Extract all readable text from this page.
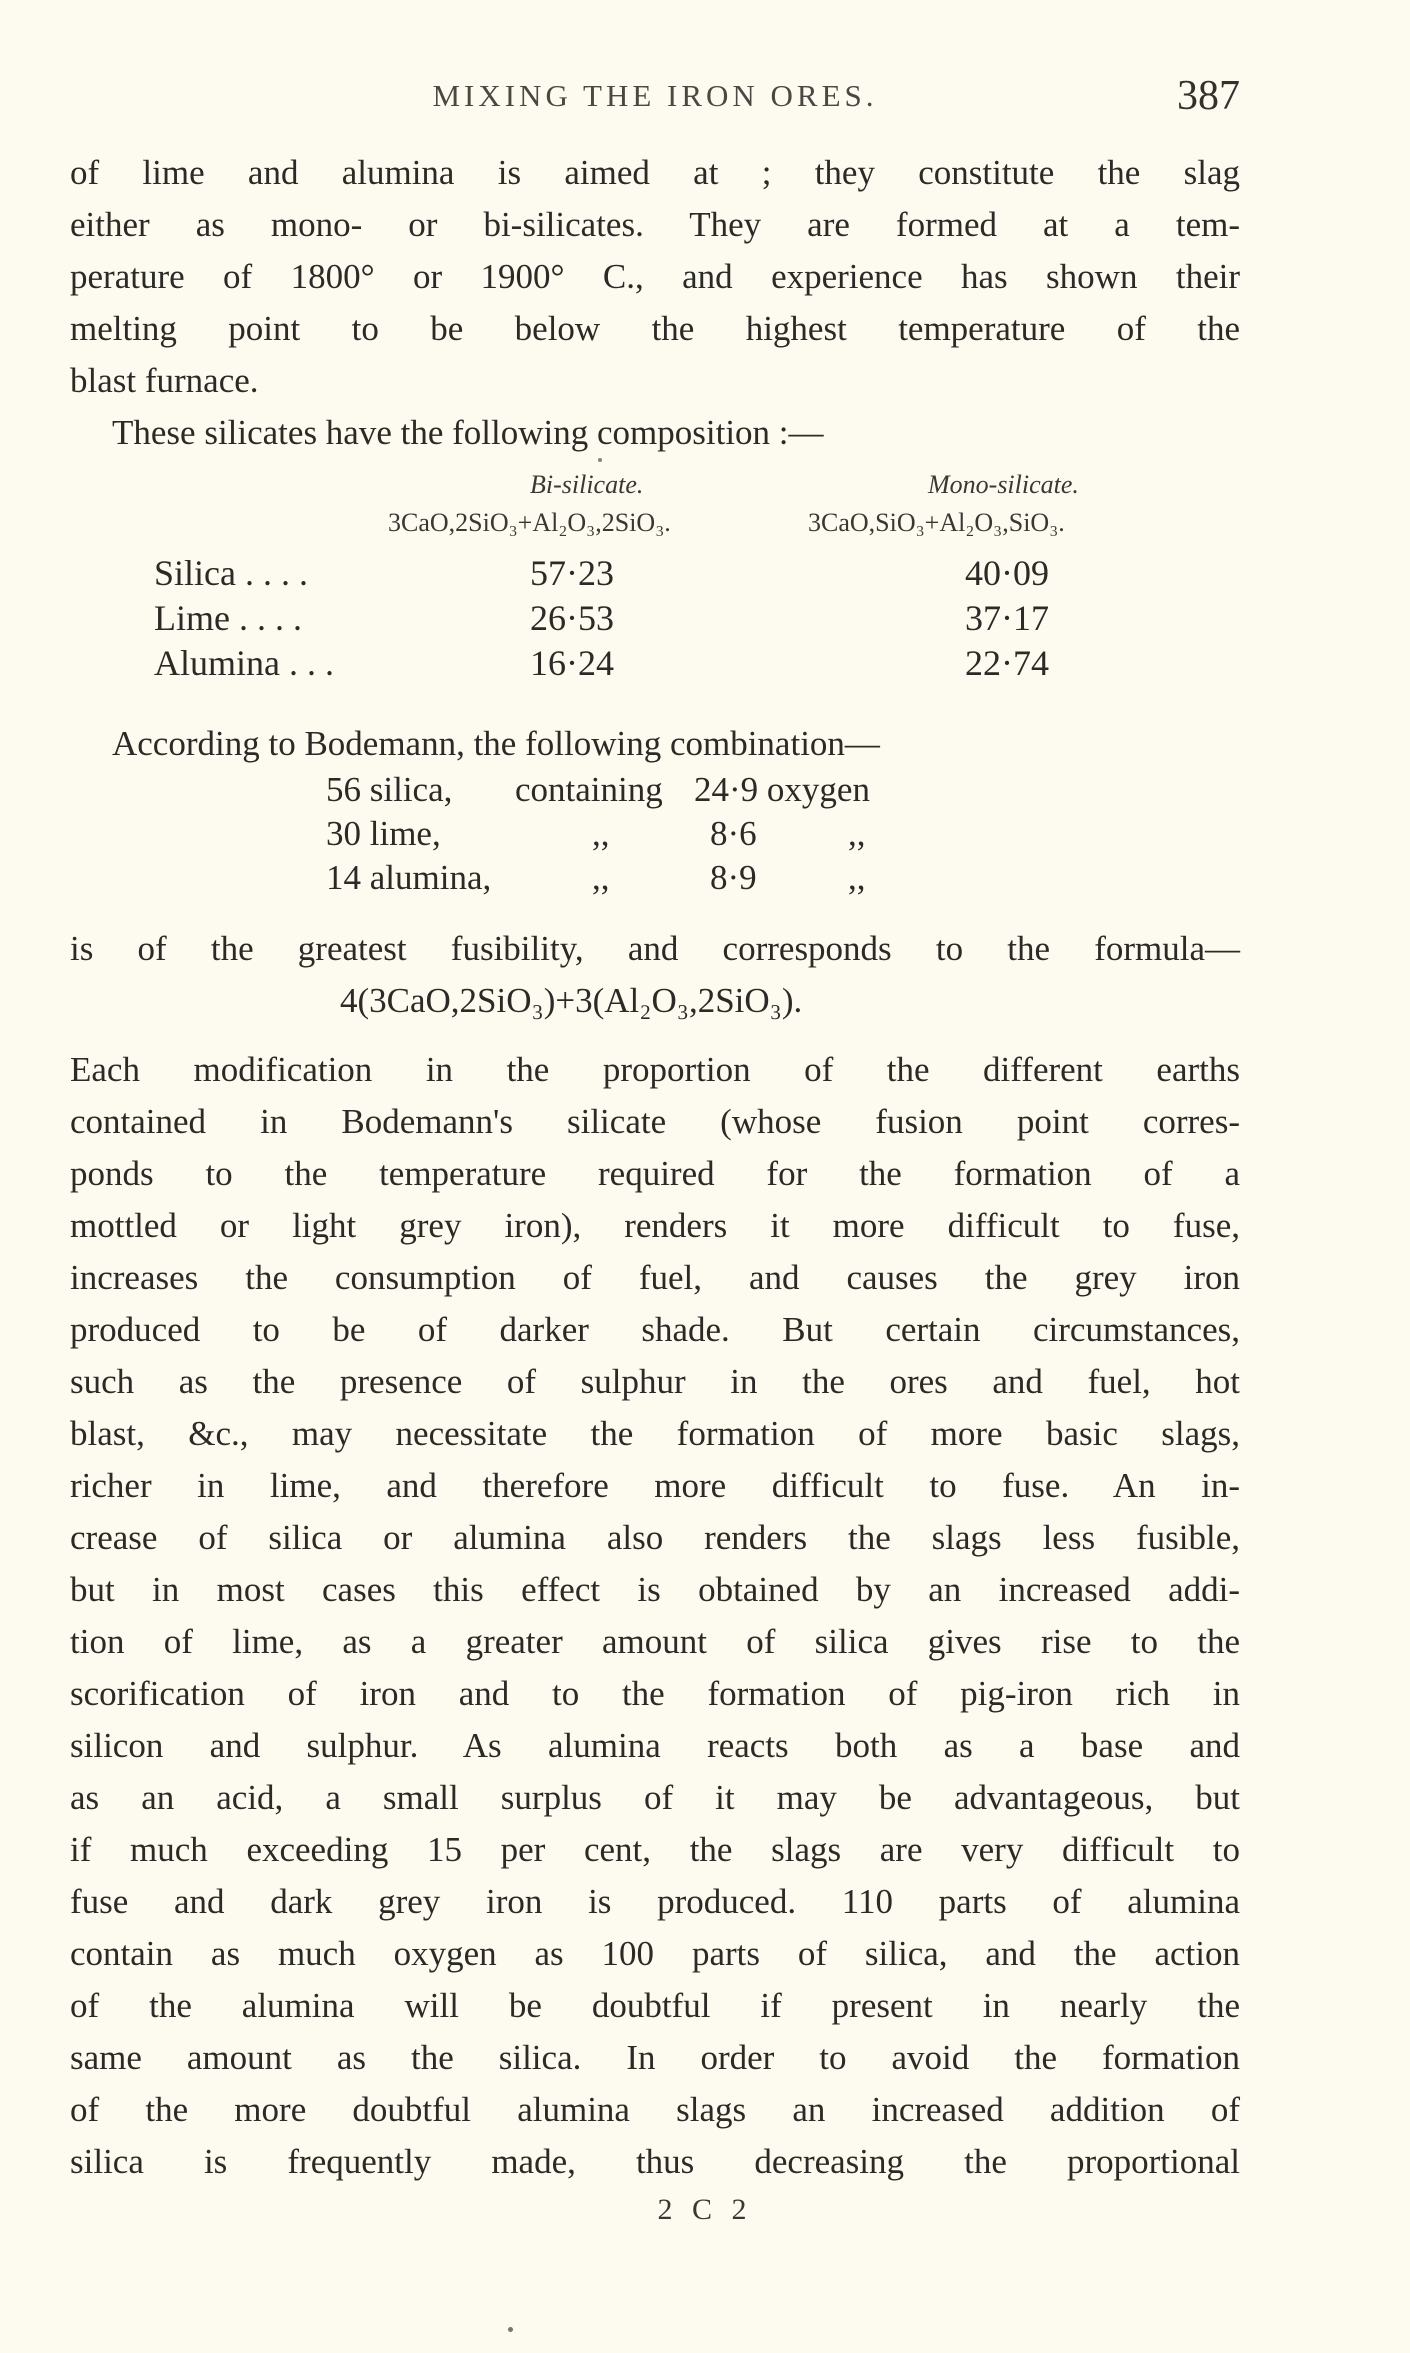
MIXING THE IRON ORES.	387
of lime and alumina is aimed at ; they constitute the slag
either as mono- or bi-silicates. They are formed at a tem-
perature of 1800° or 1900° C., and experience has shown their
melting point to be below the highest temperature of the
blast furnace.
These silicates have the following composition :—
Bi-silicate.	Mono-silicate.
3CaO,2SiO₃+Al₂O₃,2SiO₃.	3CaO,SiO₃+Al₂O₃,SiO₃.
Silica . . . .	57·23	40·09
Lime . . . .	26·53	37·17
Alumina . . .	16·24	22·74
According to Bodemann, the following combination—
56 silica, containing 24·9 oxygen
30 lime,	,,	8·6	,,
14 alumina,	,,	8·9	,,
is of the greatest fusibility, and corresponds to the formula—
4(3CaO,2SiO₃)+3(Al₂O₃,2SiO₃).
Each modification in the proportion of the different earths
contained in Bodemann's silicate (whose fusion point corres-
ponds to the temperature required for the formation of a
mottled or light grey iron), renders it more difficult to fuse,
increases the consumption of fuel, and causes the grey iron
produced to be of darker shade. But certain circumstances,
such as the presence of sulphur in the ores and fuel, hot
blast, &c., may necessitate the formation of more basic slags,
richer in lime, and therefore more difficult to fuse. An in-
crease of silica or alumina also renders the slags less fusible,
but in most cases this effect is obtained by an increased addi-
tion of lime, as a greater amount of silica gives rise to the
scorification of iron and to the formation of pig-iron rich in
silicon and sulphur. As alumina reacts both as a base and
as an acid, a small surplus of it may be advantageous, but
if much exceeding 15 per cent, the slags are very difficult to
fuse and dark grey iron is produced. 110 parts of alumina
contain as much oxygen as 100 parts of silica, and the action
of the alumina will be doubtful if present in nearly the
same amount as the silica. In order to avoid the formation
of the more doubtful alumina slags an increased addition of
silica is frequently made, thus decreasing the proportional
2 C 2
